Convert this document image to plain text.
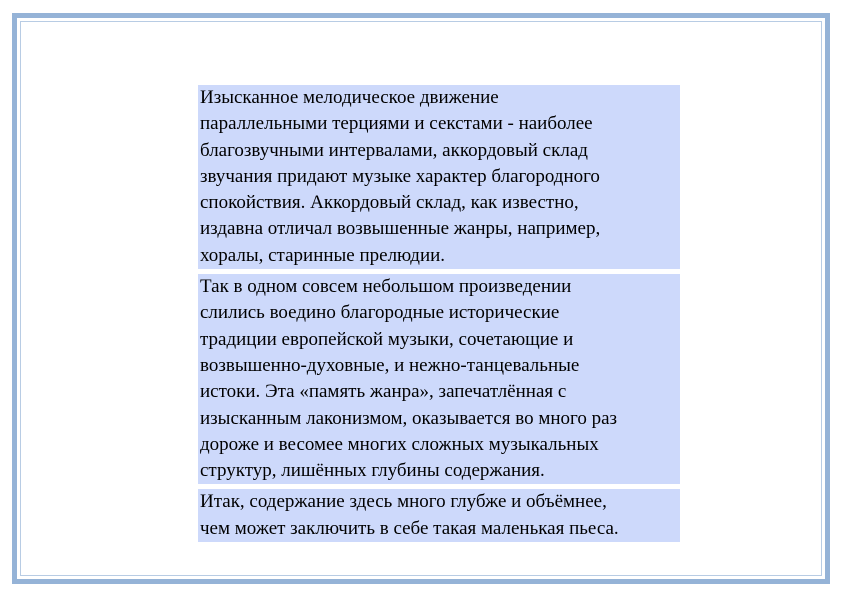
Изысканное мелодическое движение
параллельными терциями и секстами - наиболее
благозвучными интервалами, аккордовый склад
звучания придают музыке характер благородного
спокойствия. Аккордовый склад, как известно,
издавна отличал возвышенные жанры, например,
хоралы, старинные прелюдии.
Так в одном совсем небольшом произведении
слились воедино благородные исторические
традиции европейской музыки, сочетающие и
возвышенно-духовные, и нежно-танцевальные
истоки. Эта «память жанра», запечатлённая с
изысканным лаконизмом, оказывается во много раз
дороже и весомее многих сложных музыкальных
структур, лишённых глубины содержания.
Итак, содержание здесь много глубже и объёмнее,
чем может заключить в себе такая маленькая пьеса.
